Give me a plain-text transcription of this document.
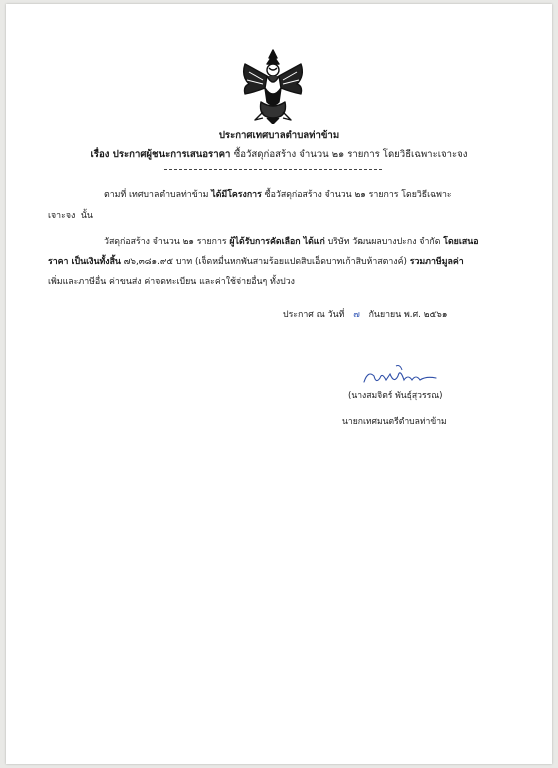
ประกาศเทศบาลตำบลท่าข้าม
เรื่อง ประกาศผู้ชนะการเสนอราคา ซื้อวัสดุก่อสร้าง จำนวน ๒๑ รายการ โดยวิธีเฉพาะเจาะจง
ตามที่ เทศบาลตำบลท่าข้าม ได้มีโครงการ ซื้อวัสดุก่อสร้าง จำนวน ๒๑ รายการ โดยวิธีเฉพาะ
เจาะจง นั้น
วัสดุก่อสร้าง จำนวน ๒๑ รายการ ผู้ได้รับการคัดเลือก ได้แก่ บริษัท วัฒนผลบางปะกง จำกัด โดยเสนอ
ราคา เป็นเงินทั้งสิ้น ๗๖,๓๘๑.๙๕ บาท (เจ็ดหมื่นหกพันสามร้อยแปดสิบเอ็ดบาทเก้าสิบห้าสตางค์) รวมภาษีมูลค่า
เพิ่มและภาษีอื่น ค่าขนส่ง ค่าจดทะเบียน และค่าใช้จ่ายอื่นๆ ทั้งปวง
ประกาศ ณ วันที่ ๗ กันยายน พ.ศ. ๒๕๖๑
(นางสมจิตร์ พันธุ์สุวรรณ)
นายกเทศมนตรีตำบลท่าข้าม
